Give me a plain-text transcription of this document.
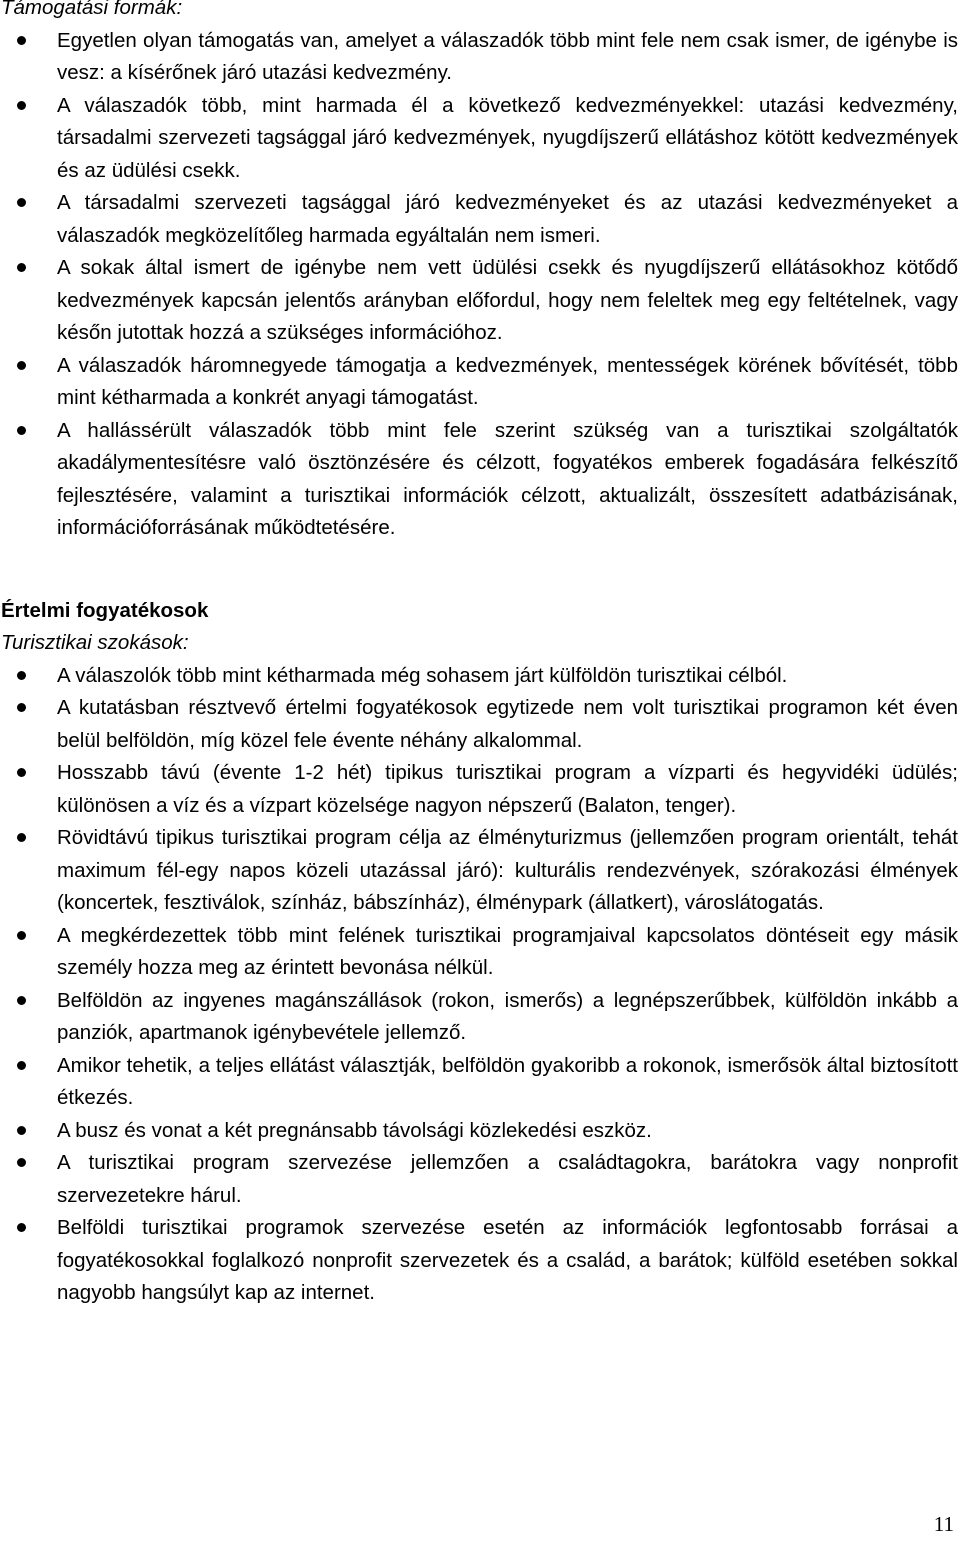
Támogatási formák:

Egyetlen olyan támogatás van, amelyet a válaszadók több mint fele nem csak ismer, de igénybe is vesz: a kísérőnek járó utazási kedvezmény.
A válaszadók több, mint harmada él a következő kedvezményekkel: utazási kedvezmény, társadalmi szervezeti tagsággal járó kedvezmények, nyugdíjszerű ellátáshoz kötött kedvezmények és az üdülési csekk.
A társadalmi szervezeti tagsággal járó kedvezményeket és az utazási kedvezményeket a válaszadók megközelítőleg harmada egyáltalán nem ismeri.
A sokak által ismert de igénybe nem vett üdülési csekk és nyugdíjszerű ellátásokhoz kötődő kedvezmények kapcsán jelentős arányban előfordul, hogy nem feleltek meg egy feltételnek, vagy későn jutottak hozzá a szükséges információhoz.
A válaszadók háromnegyede támogatja a kedvezmények, mentességek körének bővítését, több mint kétharmada a konkrét anyagi támogatást.
A hallássérült válaszadók több mint fele szerint szükség van a turisztikai szolgáltatók akadálymentesítésre való ösztönzésére és célzott, fogyatékos emberek fogadására felkészítő fejlesztésére, valamint a turisztikai információk célzott, aktualizált, összesített adatbázisának, információforrásának működtetésére.

Értelmi fogyatékosok

Turisztikai szokások:

A válaszolók több mint kétharmada még sohasem járt külföldön turisztikai célból.
A kutatásban résztvevő értelmi fogyatékosok egytizede nem volt turisztikai programon két éven belül belföldön, míg közel fele évente néhány alkalommal.
Hosszabb távú (évente 1-2 hét) tipikus turisztikai program a vízparti és hegyvidéki üdülés; különösen a víz és a vízpart közelsége nagyon népszerű (Balaton, tenger).
Rövidtávú tipikus turisztikai program célja az élményturizmus (jellemzően program orientált, tehát maximum fél-egy napos közeli utazással járó): kulturális rendezvények, szórakozási élmények (koncertek, fesztiválok, színház, bábszínház), élménypark (állatkert), városlátogatás.
A megkérdezettek több mint felének turisztikai programjaival kapcsolatos döntéseit egy másik személy hozza meg az érintett bevonása nélkül.
Belföldön az ingyenes magánszállások (rokon, ismerős) a legnépszerűbbek, külföldön inkább a panziók, apartmanok igénybevétele jellemző.
Amikor tehetik, a teljes ellátást választják, belföldön gyakoribb a rokonok, ismerősök által biztosított étkezés.
A busz és vonat a két pregnánsabb távolsági közlekedési eszköz.
A turisztikai program szervezése jellemzően a családtagokra, barátokra vagy nonprofit szervezetekre hárul.
Belföldi turisztikai programok szervezése esetén az információk legfontosabb forrásai a fogyatékosokkal foglalkozó nonprofit szervezetek és a család, a barátok; külföld esetében sokkal nagyobb hangsúlyt kap az internet.
11
